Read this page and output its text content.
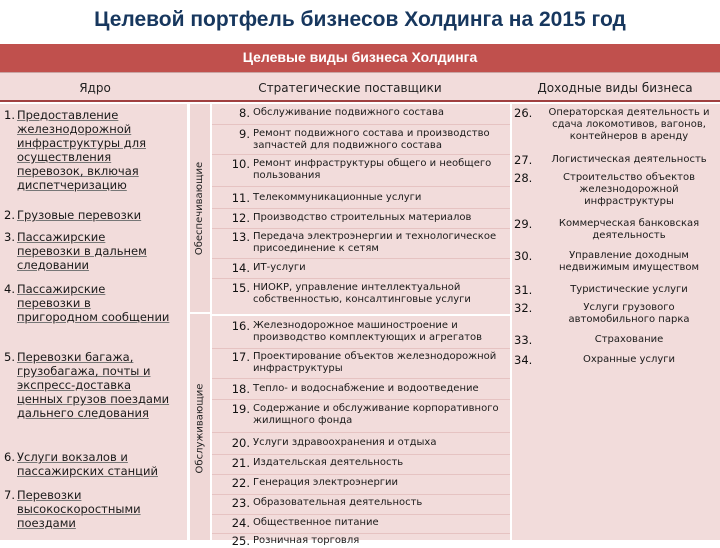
Целевой портфель бизнесов Холдинга на 2015 год
Целевые виды бизнеса Холдинга
Ядро	Стратегические поставщики	Доходные виды бизнеса
1. Предоставление железнодорожной инфраструктуры для осуществления перевозок, включая диспетчеризацию
2. Грузовые перевозки
3. Пассажирские перевозки в дальнем следовании
4. Пассажирские перевозки в пригородном сообщении
5. Перевозки багажа, грузобагажа, почты и экспресс-доставка ценных грузов поездами дальнего следования
6. Услуги вокзалов и пассажирских станций
7. Перевозки высокоскоростными поездами
Обеспечивающие
Обслуживающие
8. Обслуживание подвижного состава
9. Ремонт подвижного состава и производство запчастей для подвижного состава
10. Ремонт инфраструктуры общего и необщего пользования
11. Телекоммуникационные услуги
12. Производство строительных материалов
13. Передача электроэнергии и технологическое присоединение к сетям
14. ИТ-услуги
15. НИОКР, управление интеллектуальной собственностью, консалтинговые услуги
16. Железнодорожное машиностроение и производство комплектующих и агрегатов
17. Проектирование объектов железнодорожной инфраструктуры
18. Тепло- и водоснабжение и водоотведение
19. Содержание и обслуживание корпоративного жилищного фонда
20. Услуги здравоохранения и отдыха
21. Издательская деятельность
22. Генерация электроэнергии
23. Образовательная деятельность
24. Общественное питание
25. Розничная торговля
26.	Операторская деятельность и сдача локомотивов, вагонов, контейнеров в аренду
27.	Логистическая деятельность
28.	Строительство объектов железнодорожной инфраструктуры
29.	Коммерческая банковская деятельность
30.	Управление доходным недвижимым имуществом
31.	Туристические услуги
32.	Услуги грузового автомобильного парка
33.	Страхование
34.	Охранные услуги
